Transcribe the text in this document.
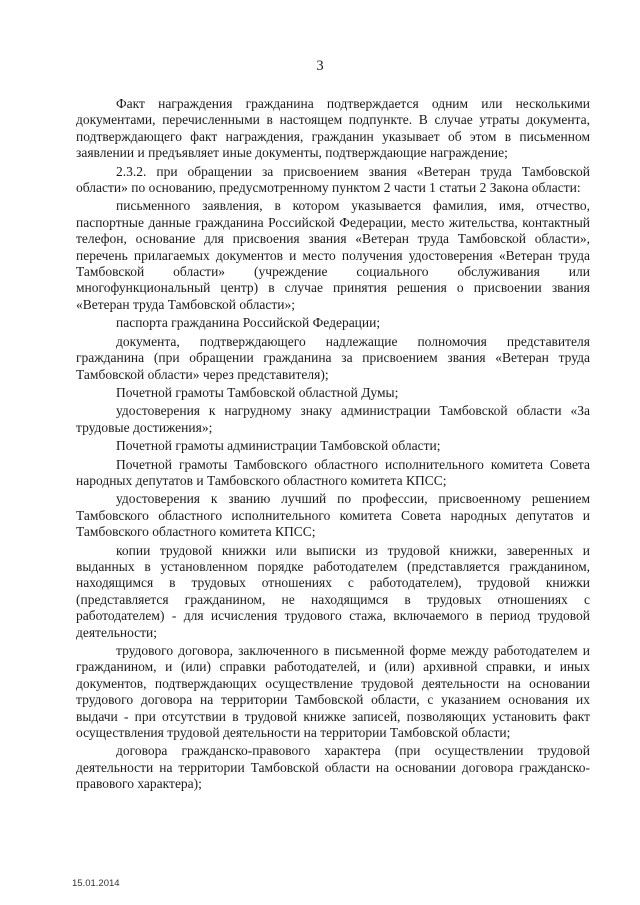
3

Факт награждения гражданина подтверждается одним или несколькими документами, перечисленными в настоящем подпункте. В случае утраты документа, подтверждающего факт награждения, гражданин указывает об этом в письменном заявлении и предъявляет иные документы, подтверждающие награждение;

2.3.2. при обращении за присвоением звания «Ветеран труда Тамбовской области» по основанию, предусмотренному пунктом 2 части 1 статьи 2 Закона области:

письменного заявления, в котором указывается фамилия, имя, отчество, паспортные данные гражданина Российской Федерации, место жительства, контактный телефон, основание для присвоения звания «Ветеран труда Тамбовской области», перечень прилагаемых документов и место получения удостоверения «Ветеран труда Тамбовской области» (учреждение социального обслуживания или многофункциональный центр) в случае принятия решения о присвоении звания «Ветеран труда Тамбовской области»;

паспорта гражданина Российской Федерации;

документа, подтверждающего надлежащие полномочия представителя гражданина (при обращении гражданина за присвоением звания «Ветеран труда Тамбовской области» через представителя);

Почетной грамоты Тамбовской областной Думы;

удостоверения к нагрудному знаку администрации Тамбовской области «За трудовые достижения»;

Почетной грамоты администрации Тамбовской области;

Почетной грамоты Тамбовского областного исполнительного комитета Совета народных депутатов и Тамбовского областного комитета КПСС;

удостоверения к званию лучший по профессии, присвоенному решением Тамбовского областного исполнительного комитета Совета народных депутатов и Тамбовского областного комитета КПСС;

копии трудовой книжки или выписки из трудовой книжки, заверенных и выданных в установленном порядке работодателем (представляется гражданином, находящимся в трудовых отношениях с работодателем), трудовой книжки (представляется гражданином, не находящимся в трудовых отношениях с работодателем) - для исчисления трудового стажа, включаемого в период трудовой деятельности;

трудового договора, заключенного в письменной форме между работодателем и гражданином, и (или) справки работодателей, и (или) архивной справки, и иных документов, подтверждающих осуществление трудовой деятельности на основании трудового договора на территории Тамбовской области, с указанием основания их выдачи - при отсутствии в трудовой книжке записей, позволяющих установить факт осуществления трудовой деятельности на территории Тамбовской области;

договора гражданско-правового характера (при осуществлении трудовой деятельности на территории Тамбовской области на основании договора гражданско-правового характера);

15.01.2014
